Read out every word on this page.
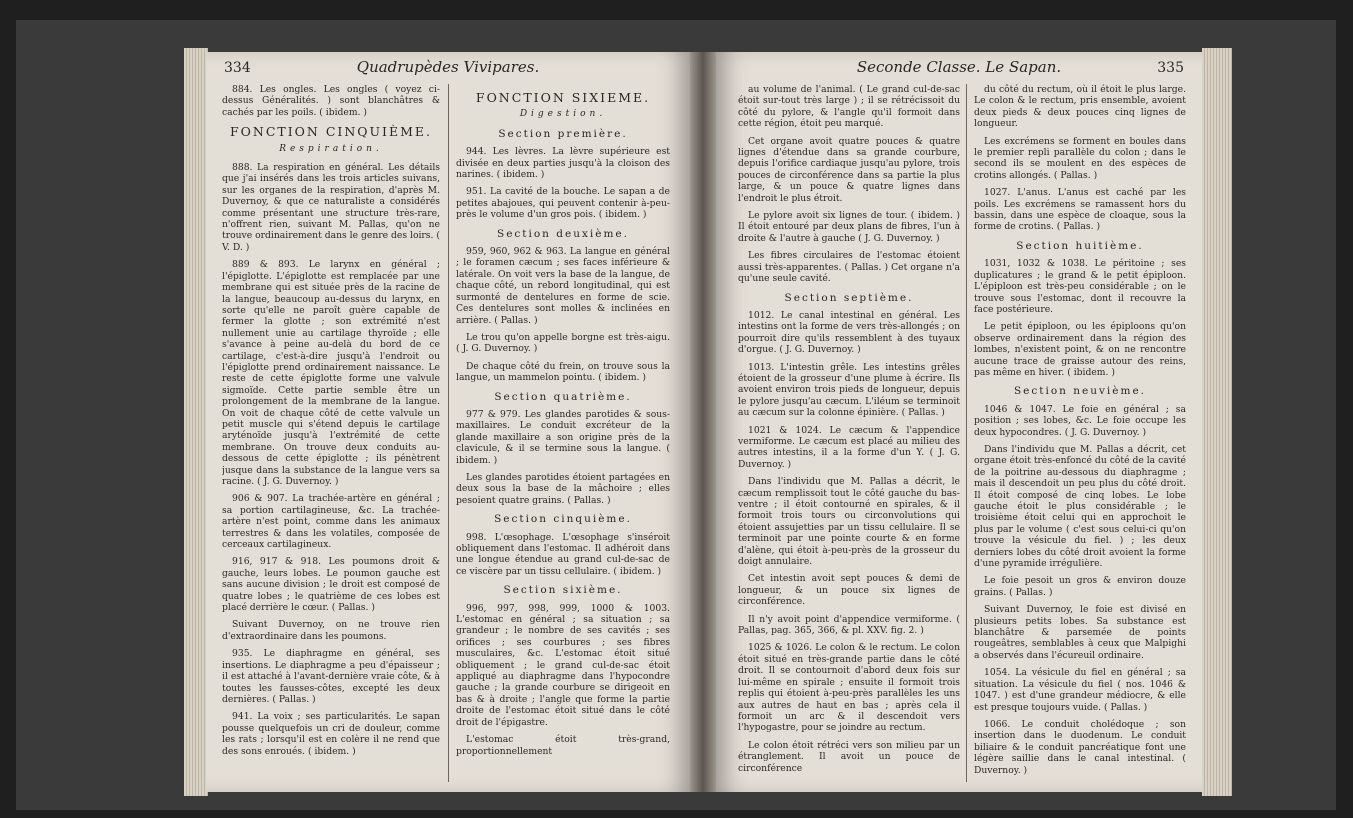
334	Quadrupèdes Vivipares.

884. Les ongles. Les ongles ( voyez ci-dessus Généralités. ) sont blanchâtres & cachés par les poils. ( ibidem. )

FONCTION CINQUIÈME.
Respiration.

888. La respiration en général. Les détails que j'ai insérés dans les trois articles suivans, sur les organes de la respiration, d'après M. Duvernoy, & que ce naturaliste a considérés comme présentant une structure très-rare, n'offrent rien, suivant M. Pallas, qu'on ne trouve ordinairement dans le genre des loirs. ( V. D. )

889 & 893. Le larynx en général ; l'épiglotte. L'épiglotte est remplacée par une membrane qui est située près de la racine de la langue, beaucoup au-dessus du larynx, en sorte qu'elle ne paroît guère capable de fermer la glotte ; son extrémité n'est nullement unie au cartilage thyroïde ; elle s'avance à peine au-delà du bord de ce cartilage, c'est-à-dire jusqu'à l'endroit ou l'épiglotte prend ordinairement naissance. Le reste de cette épiglotte forme une valvule sigmoïde. Cette partie semble être un prolongement de la membrane de la langue. On voit de chaque côté de cette valvule un petit muscle qui s'étend depuis le cartilage aryténoïde jusqu'à l'extrémité de cette membrane. On trouve deux conduits au-dessous de cette épiglotte ; ils pénètrent jusque dans la substance de la langue vers sa racine. ( J. G. Duvernoy. )

906 & 907. La trachée-artère en général ; sa portion cartilagineuse, &c. La trachée-artère n'est point, comme dans les animaux terrestres & dans les volatiles, composée de cerceaux cartilagineux.

916, 917 & 918. Les poumons droit & gauche, leurs lobes. Le poumon gauche est sans aucune division ; le droit est composé de quatre lobes ; le quatrième de ces lobes est placé derrière le cœur. ( Pallas. )

Suivant Duvernoy, on ne trouve rien d'extraordinaire dans les poumons.

935. Le diaphragme en général, ses insertions. Le diaphragme a peu d'épaisseur ; il est attaché à l'avant-dernière vraie côte, & à toutes les fausses-côtes, excepté les deux dernières. ( Pallas. )

941. La voix ; ses particularités. Le sapan pousse quelquefois un cri de douleur, comme les rats ; lorsqu'il est en colère il ne rend que des sons enroués. ( ibidem. )

FONCTION SIXIEME.
Digestion.
Section première.

944. Les lèvres. La lèvre supérieure est divisée en deux parties jusqu'à la cloison des narines. ( ibidem. )

951. La cavité de la bouche. Le sapan a de petites abajoues, qui peuvent contenir à-peu-près le volume d'un gros pois. ( ibidem. )

Section deuxième.

959, 960, 962 & 963. La langue en général ; le foramen cæcum ; ses faces inférieure & latérale. On voit vers la base de la langue, de chaque côté, un rebord longitudinal, qui est surmonté de dentelures en forme de scie. Ces dentelures sont molles & inclinées en arrière. ( Pallas. )

Le trou qu'on appelle borgne est très-aigu. ( J. G. Duvernoy. )

De chaque côté du frein, on trouve sous la langue, un mammelon pointu. ( ibidem. )

Section quatrième.

977 & 979. Les glandes parotides & sous-maxillaires. Le conduit excréteur de la glande maxillaire a son origine près de la clavicule, & il se termine sous la langue. ( ibidem. )

Les glandes parotides étoient partagées en deux sous la base de la mâchoire ; elles pesoient quatre grains. ( Pallas. )

Section cinquième.

998. L'œsophage. L'œsophage s'inséroit obliquement dans l'estomac. Il adhéroit dans une longue étendue au grand cul-de-sac de ce viscère par un tissu cellulaire. ( ibidem. )

Section sixième.

996, 997, 998, 999, 1000 & 1003. L'estomac en général ; sa situation ; sa grandeur ; le nombre de ses cavités ; ses orifices ; ses courbures ; ses fibres musculaires, &c. L'estomac étoit situé obliquement ; le grand cul-de-sac étoit appliqué au diaphragme dans l'hypocondre gauche ; la grande courbure se dirigeoit en bas & à droite ; l'angle que forme la partie droite de l'estomac étoit situé dans le côté droit de l'épigastre.

L'estomac étoit très-grand, proportionnellement

Seconde Classe. Le Sapan.	335

au volume de l'animal. ( Le grand cul-de-sac étoit sur-tout très large ) ; il se rétrécissoit du côté du pylore, & l'angle qu'il formoit dans cette région, étoit peu marqué.

Cet organe avoit quatre pouces & quatre lignes d'étendue dans sa grande courbure, depuis l'orifice cardiaque jusqu'au pylore, trois pouces de circonférence dans sa partie la plus large, & un pouce & quatre lignes dans l'endroit le plus étroit.

Le pylore avoit six lignes de tour. ( ibidem. ) Il étoit entouré par deux plans de fibres, l'un à droite & l'autre à gauche ( J. G. Duvernoy. )

Les fibres circulaires de l'estomac étoient aussi très-apparentes. ( Pallas. ) Cet organe n'a qu'une seule cavité.

Section septième.

1012. Le canal intestinal en général. Les intestins ont la forme de vers très-allongés ; on pourroit dire qu'ils ressemblent à des tuyaux d'orgue. ( J. G. Duvernoy. )

1013. L'intestin grêle. Les intestins grêles étoient de la grosseur d'une plume à écrire. Ils avoient environ trois pieds de longueur, depuis le pylore jusqu'au cæcum. L'iléum se terminoit au cæcum sur la colonne épinière. ( Pallas. )

1021 & 1024. Le cæcum & l'appendice vermiforme. Le cæcum est placé au milieu des autres intestins, il a la forme d'un Y. ( J. G. Duvernoy. )

Dans l'individu que M. Pallas a décrit, le cæcum remplissoit tout le côté gauche du bas-ventre ; il étoit contourné en spirales, & il formoit trois tours ou circonvolutions qui étoient assujetties par un tissu cellulaire. Il se terminoit par une pointe courte & en forme d'alène, qui étoit à-peu-près de la grosseur du doigt annulaire.

Cet intestin avoit sept pouces & demi de longueur, & un pouce six lignes de circonférence.

Il n'y avoit point d'appendice vermiforme. ( Pallas, pag. 365, 366, & pl. XXV. fig. 2. )

1025 & 1026. Le colon & le rectum. Le colon étoit situé en très-grande partie dans le côté droit. Il se contournoit d'abord deux fois sur lui-même en spirale ; ensuite il formoit trois replis qui étoient à-peu-près parallèles les uns aux autres de haut en bas ; après cela il formoit un arc & il descendoit vers l'hypogastre, pour se joindre au rectum.

Le colon étoit rétréci vers son milieu par un étranglement. Il avoit un pouce de circonférence

du côté du rectum, où il étoit le plus large. Le colon & le rectum, pris ensemble, avoient deux pieds & deux pouces cinq lignes de longueur.

Les excrémens se forment en boules dans le premier repli parallèle du colon ; dans le second ils se moulent en des espèces de crotins allongés. ( Pallas. )

1027. L'anus. L'anus est caché par les poils. Les excrémens se ramassent hors du bassin, dans une espèce de cloaque, sous la forme de crotins. ( Pallas. )

Section huitième.

1031, 1032 & 1038. Le péritoine ; ses duplicatures ; le grand & le petit épiploon. L'épiploon est très-peu considérable ; on le trouve sous l'estomac, dont il recouvre la face postérieure.

Le petit épiploon, ou les épiploons qu'on observe ordinairement dans la région des lombes, n'existent point, & on ne rencontre aucune trace de graisse autour des reins, pas même en hiver. ( ibidem. )

Section neuvième.

1046 & 1047. Le foie en général ; sa position ; ses lobes, &c. Le foie occupe les deux hypocondres. ( J. G. Duvernoy. )

Dans l'individu que M. Pallas a décrit, cet organe étoit très-enfoncé du côté de la cavité de la poitrine au-dessous du diaphragme ; mais il descendoit un peu plus du côté droit. Il étoit composé de cinq lobes. Le lobe gauche étoit le plus considérable ; le troisième étoit celui qui en approchoit le plus par le volume ( c'est sous celui-ci qu'on trouve la vésicule du fiel. ) ; les deux derniers lobes du côté droit avoient la forme d'une pyramide irrégulière.

Le foie pesoit un gros & environ douze grains. ( Pallas. )

Suivant Duvernoy, le foie est divisé en plusieurs petits lobes. Sa substance est blanchâtre & parsemée de points rougeâtres, semblables à ceux que Malpighi a observés dans l'écureuil ordinaire.

1054. La vésicule du fiel en général ; sa situation. La vésicule du fiel ( nos. 1046 & 1047. ) est d'une grandeur médiocre, & elle est presque toujours vuide. ( Pallas. )

1066. Le conduit cholédoque ; son insertion dans le duodenum. Le conduit biliaire & le conduit pancréatique font une légère saillie dans le canal intestinal. ( Duvernoy. )
